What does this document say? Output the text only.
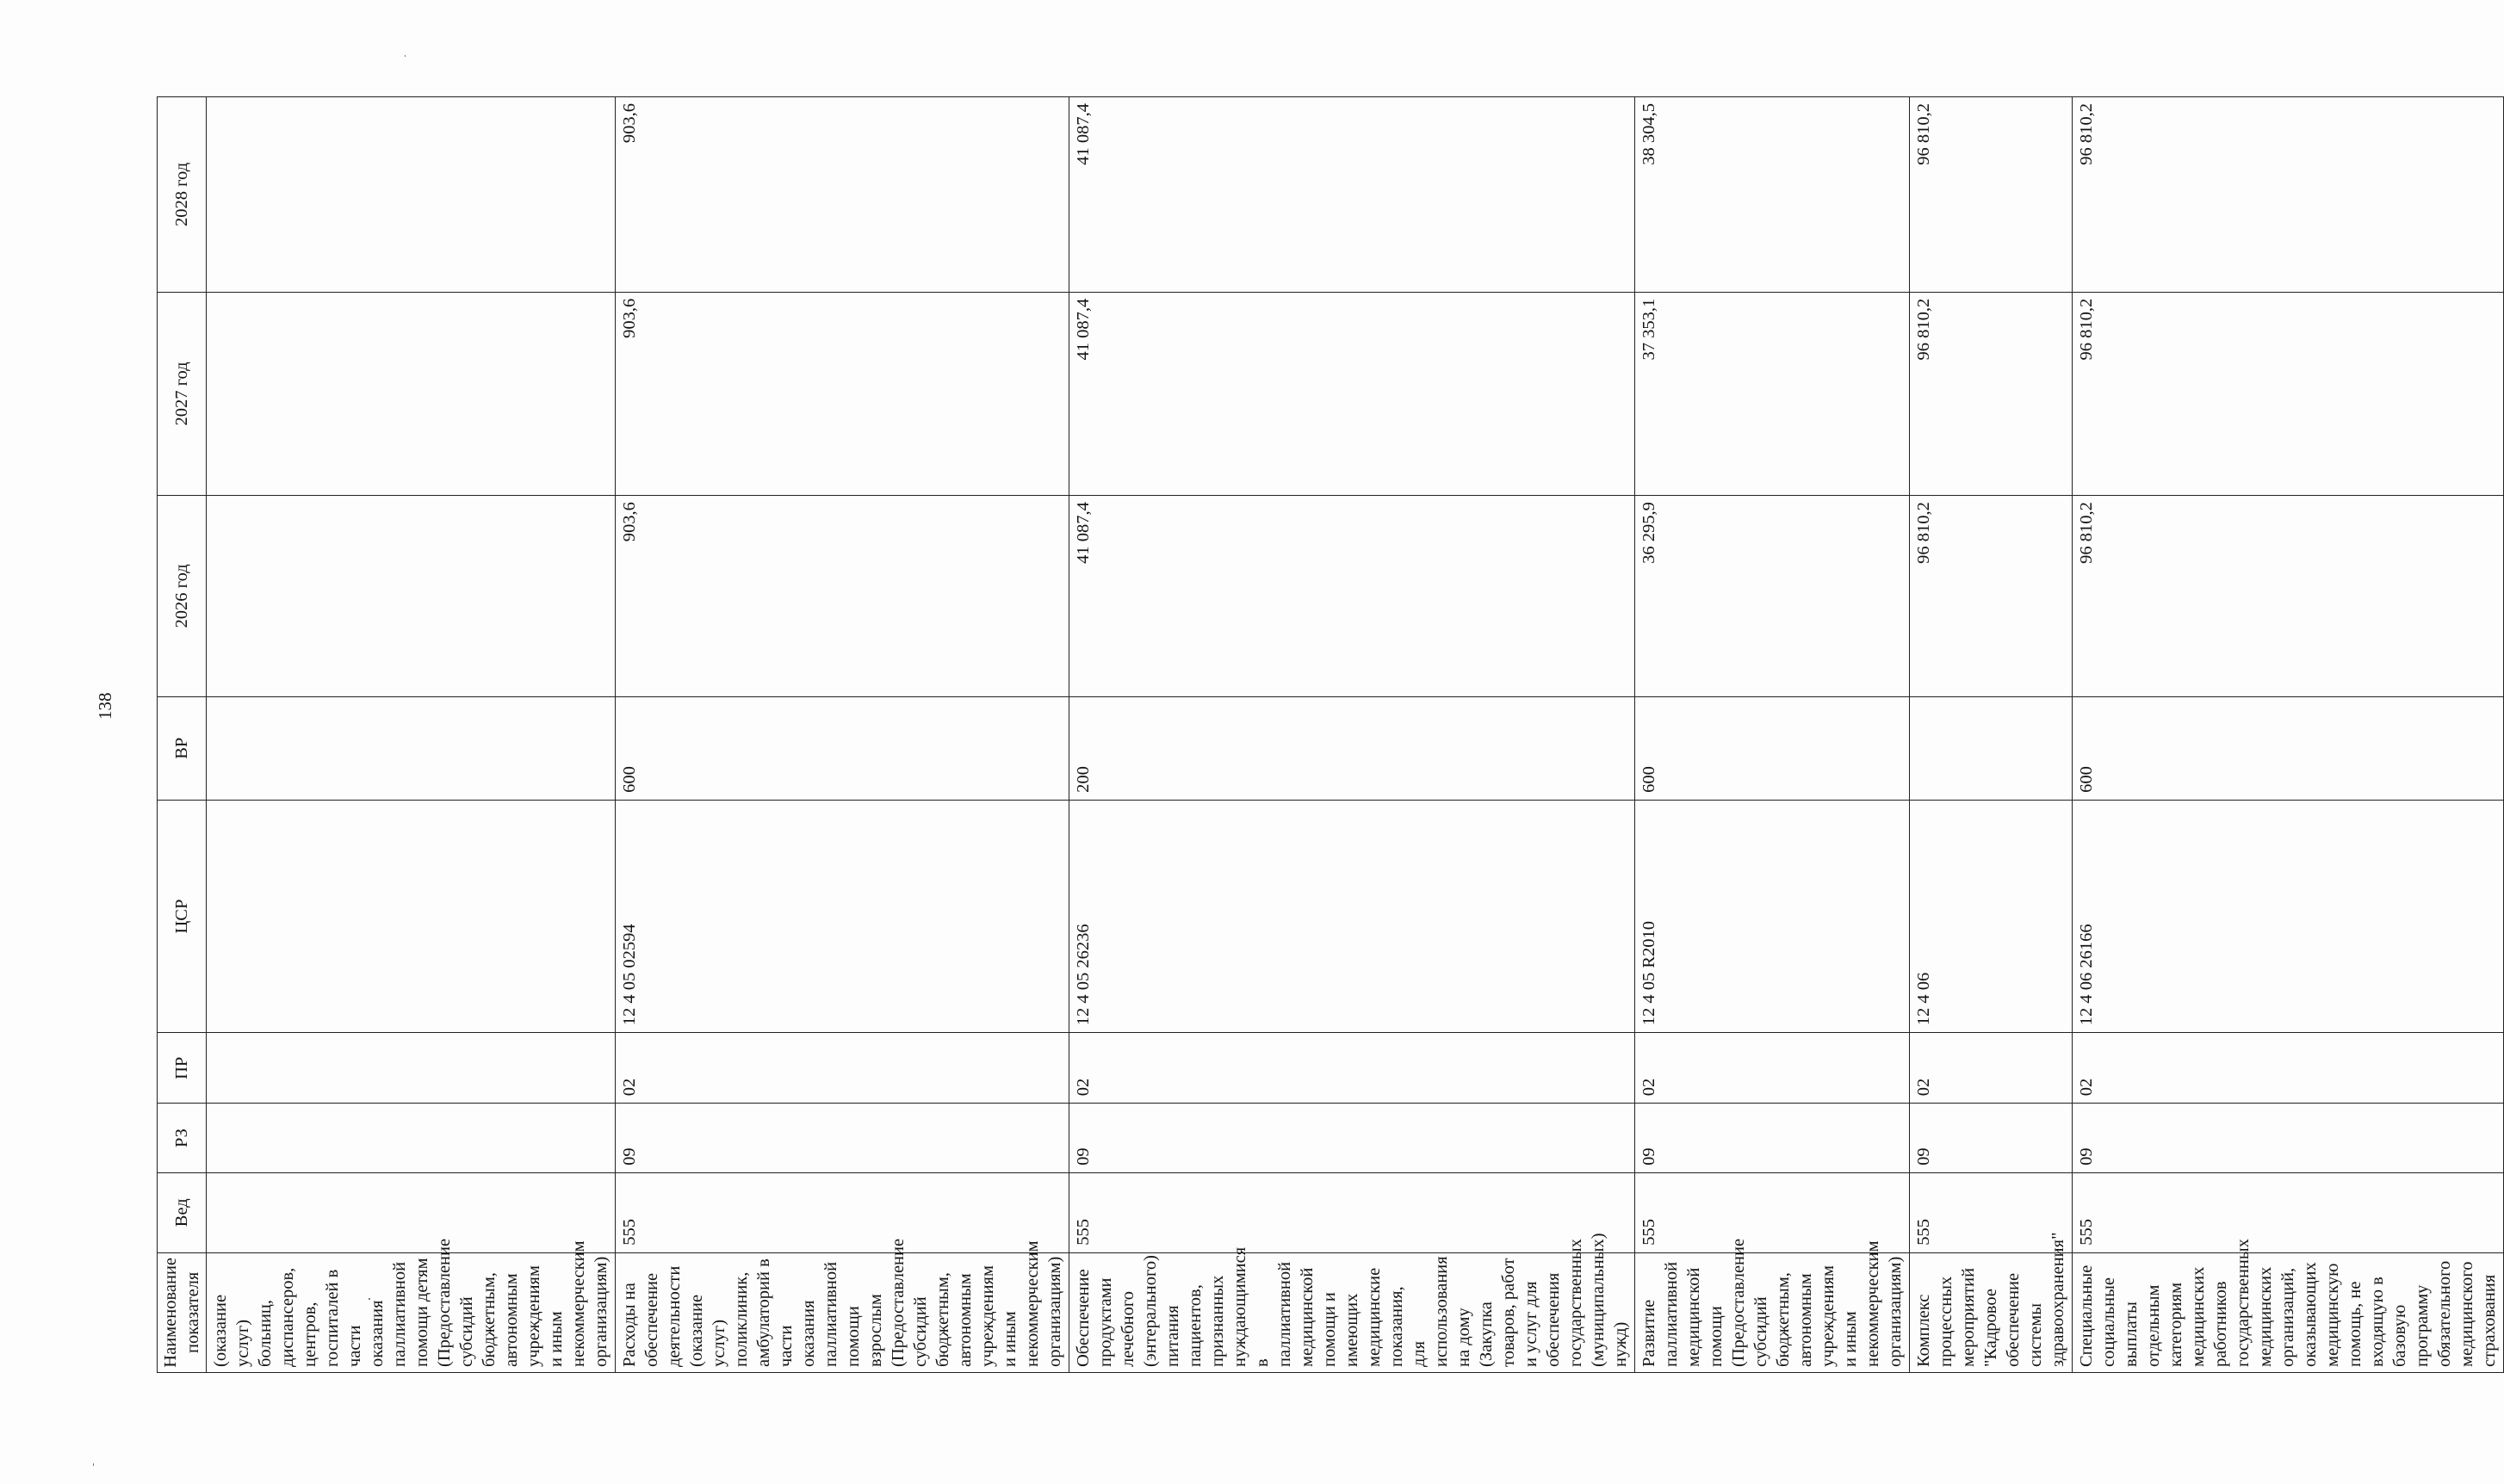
138
Наименование показателя	Вед	РЗ	ПР	ЦСР	ВР	2026 год	2027 год	2028 год
(оказание услуг) больниц, диспансеров, центров, госпиталей в части оказания паллиативной помощи детям (Предоставление субсидий бюджетным, автономным учреждениям и иным некоммерческим организациям)								
Расходы на обеспечение деятельности (оказание услуг) поликлиник, амбулаторий в части оказания паллиативной помощи взрослым (Предоставление субсидий бюджетным, автономным учреждениям и иным некоммерческим организациям)	555	09	02	12 4 05 02594	600	903,6	903,6	903,6
Обеспечение продуктами лечебного (энтерального) питания пациентов, признанных нуждающимися в паллиативной медицинской помощи и имеющих медицинские показания, для использования на дому (Закупка товаров, работ и услуг для обеспечения государственных (муниципальных) нужд)	555	09	02	12 4 05 26236	200	41 087,4	41 087,4	41 087,4
Развитие паллиативной медицинской помощи (Предоставление субсидий бюджетным, автономным учреждениям и иным некоммерческим организациям)	555	09	02	12 4 05 R2010	600	36 295,9	37 353,1	38 304,5
Комплекс процессных мероприятий "Кадровое обеспечение системы здравоохранения"	555	09	02	12 4 06		96 810,2	96 810,2	96 810,2
Специальные социальные выплаты отдельным категориям медицинских работников государственных медицинских организаций, оказывающих медицинскую помощь, не входящую в базовую программу обязательного медицинского страхования	555	09	02	12 4 06 26166	600	96 810,2	96 810,2	96 810,2
